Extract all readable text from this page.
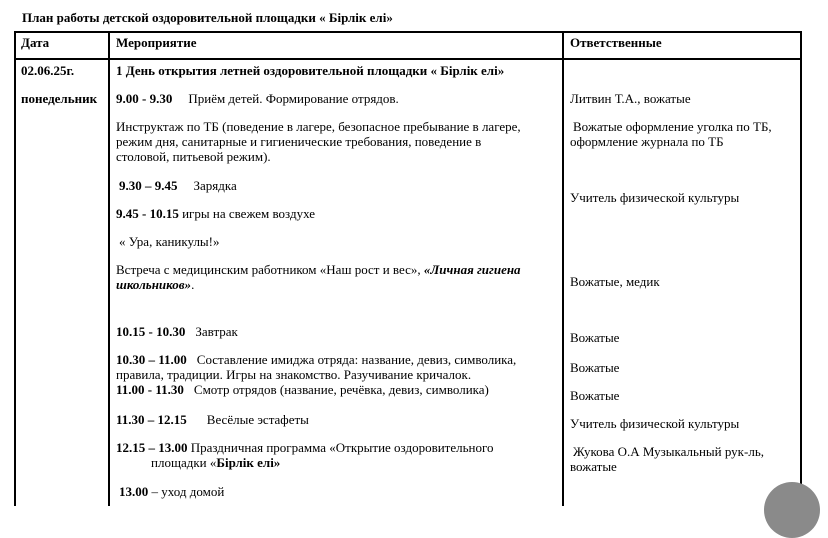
План работы детской оздоровительной площадки « Бірлік елі»
Дата	Мероприятие	Ответственные
02.06.25г.
понедельник
1 День открытия летней оздоровительной площадки « Бірлік елі»
9.00 - 9.30 Приём детей. Формирование отрядов.
Инструктаж по ТБ (поведение в лагере, безопасное пребывание в лагере,
режим дня, санитарные и гигиенические требования, поведение в
столовой, питьевой режим).
9.30 – 9.45 Зарядка
9.45 - 10.15 игры на свежем воздухе
« Ура, каникулы!»
Встреча с медицинским работником «Наш рост и вес», «Личная гигиена
школьников».
10.15 - 10.30 Завтрак
10.30 – 11.00 Составление имиджа отряда: название, девиз, символика,
правила, традиции. Игры на знакомство. Разучивание кричалок.
11.00 - 11.30 Смотр отрядов (название, речёвка, девиз, символика)
11.30 – 12.15 Весёлые эстафеты
12.15 – 13.00 Праздничная программа «Открытие оздоровительного
площадки «Бірлік елі»
13.00 – уход домой
Литвин Т.А., вожатые
Вожатые оформление уголка по ТБ,
оформление журнала по ТБ
Учитель физической культуры
Вожатые, медик
Вожатые
Вожатые
Вожатые
Учитель физической культуры
Жукова О.А Музыкальный рук-ль,
вожатые
